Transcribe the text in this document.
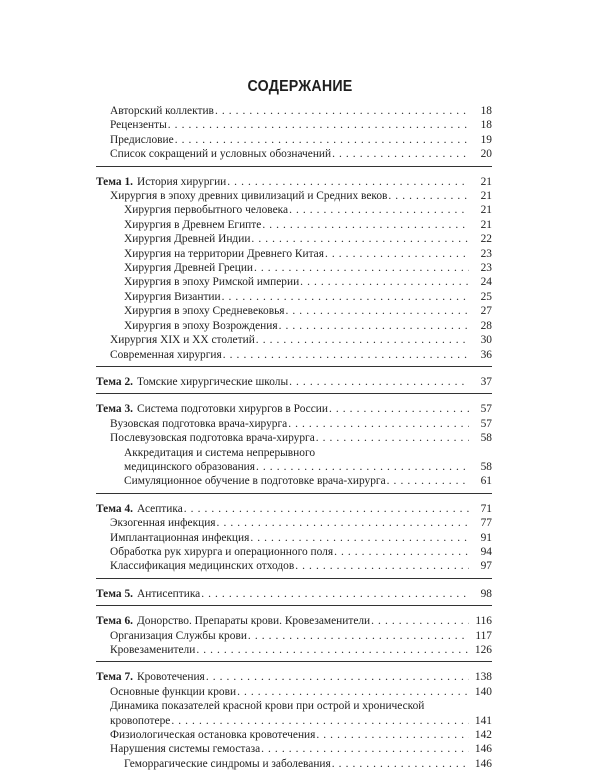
СОДЕРЖАНИЕ
Авторский коллектив . . .	18
Рецензенты . . .	18
Предисловие . . .	19
Список сокращений и условных обозначений . . .	20
Тема 1. История хирургии . . .	21
Хирургия в эпоху древних цивилизаций и Средних веков . . .	21
Хирургия первобытного человека . . .	21
Хирургия в Древнем Египте . . .	21
Хирургия Древней Индии . . .	22
Хирургия на территории Древнего Китая . . .	23
Хирургия Древней Греции . . .	23
Хирургия в эпоху Римской империи . . .	24
Хирургия Византии . . .	25
Хирургия в эпоху Средневековья . . .	27
Хирургия в эпоху Возрождения . . .	28
Хирургия XIX и XX столетий . . .	30
Современная хирургия . . .	36
Тема 2. Томские хирургические школы . . .	37
Тема 3. Система подготовки хирургов в России . . .	57
Вузовская подготовка врача-хирурга . . .	57
Послевузовская подготовка врача-хирурга . . .	58
Аккредитация и система непрерывного
медицинского образования . . .	58
Симуляционное обучение в подготовке врача-хирурга . . .	61
Тема 4. Асептика . . .	71
Экзогенная инфекция . . .	77
Имплантационная инфекция . . .	91
Обработка рук хирурга и операционного поля . . .	94
Классификация медицинских отходов . . .	97
Тема 5. Антисептика . . .	98
Тема 6. Донорство. Препараты крови. Кровезаменители . . .	116
Организация Службы крови . . .	117
Кровезаменители . . .	126
Тема 7. Кровотечения . . .	138
Основные функции крови . . .	140
Динамика показателей красной крови при острой и хронической
кровопотере . . .	141
Физиологическая остановка кровотечения . . .	142
Нарушения системы гемостаза . . .	146
Геморрагические синдромы и заболевания . . .	146
